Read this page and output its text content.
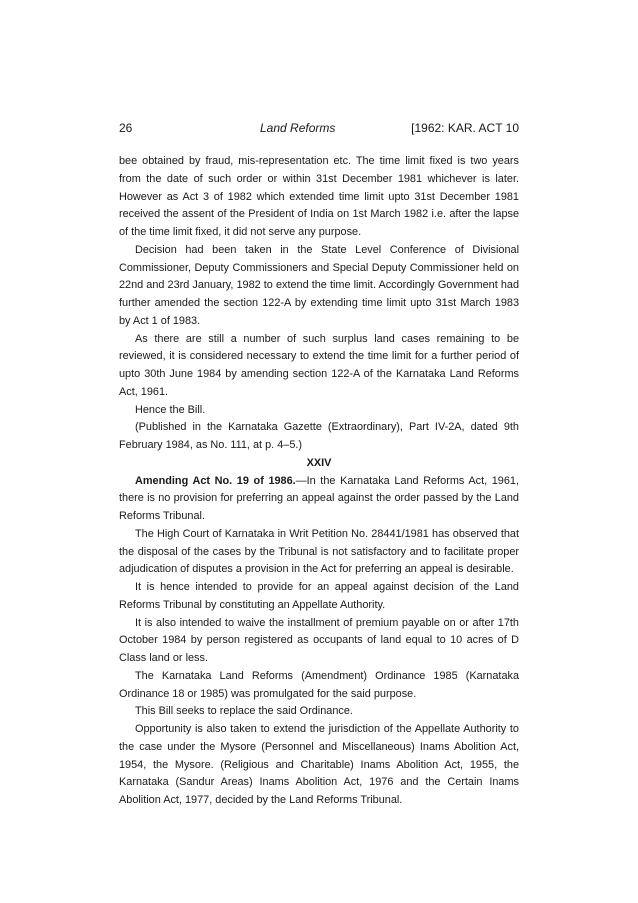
26	Land Reforms	[1962: KAR. ACT 10

bee obtained by fraud, mis-representation etc. The time limit fixed is two years from the date of such order or within 31st December 1981 whichever is later. However as Act 3 of 1982 which extended time limit upto 31st December 1981 received the assent of the President of India on 1st March 1982 i.e. after the lapse of the time limit fixed, it did not serve any purpose.

Decision had been taken in the State Level Conference of Divisional Commissioner, Deputy Commissioners and Special Deputy Commissioner held on 22nd and 23rd January, 1982 to extend the time limit. Accordingly Government had further amended the section 122-A by extending time limit upto 31st March 1983 by Act 1 of 1983.

As there are still a number of such surplus land cases remaining to be reviewed, it is considered necessary to extend the time limit for a further period of upto 30th June 1984 by amending section 122-A of the Karnataka Land Reforms Act, 1961.

Hence the Bill.

(Published in the Karnataka Gazette (Extraordinary), Part IV-2A, dated 9th February 1984, as No. 111, at p. 4–5.)

XXIV

Amending Act No. 19 of 1986.—In the Karnataka Land Reforms Act, 1961, there is no provision for preferring an appeal against the order passed by the Land Reforms Tribunal.

The High Court of Karnataka in Writ Petition No. 28441/1981 has observed that the disposal of the cases by the Tribunal is not satisfactory and to facilitate proper adjudication of disputes a provision in the Act for preferring an appeal is desirable.

It is hence intended to provide for an appeal against decision of the Land Reforms Tribunal by constituting an Appellate Authority.

It is also intended to waive the installment of premium payable on or after 17th October 1984 by person registered as occupants of land equal to 10 acres of D Class land or less.

The Karnataka Land Reforms (Amendment) Ordinance 1985 (Karnataka Ordinance 18 or 1985) was promulgated for the said purpose.

This Bill seeks to replace the said Ordinance.

Opportunity is also taken to extend the jurisdiction of the Appellate Authority to the case under the Mysore (Personnel and Miscellaneous) Inams Abolition Act, 1954, the Mysore. (Religious and Charitable) Inams Abolition Act, 1955, the Karnataka (Sandur Areas) Inams Abolition Act, 1976 and the Certain Inams Abolition Act, 1977, decided by the Land Reforms Tribunal.
